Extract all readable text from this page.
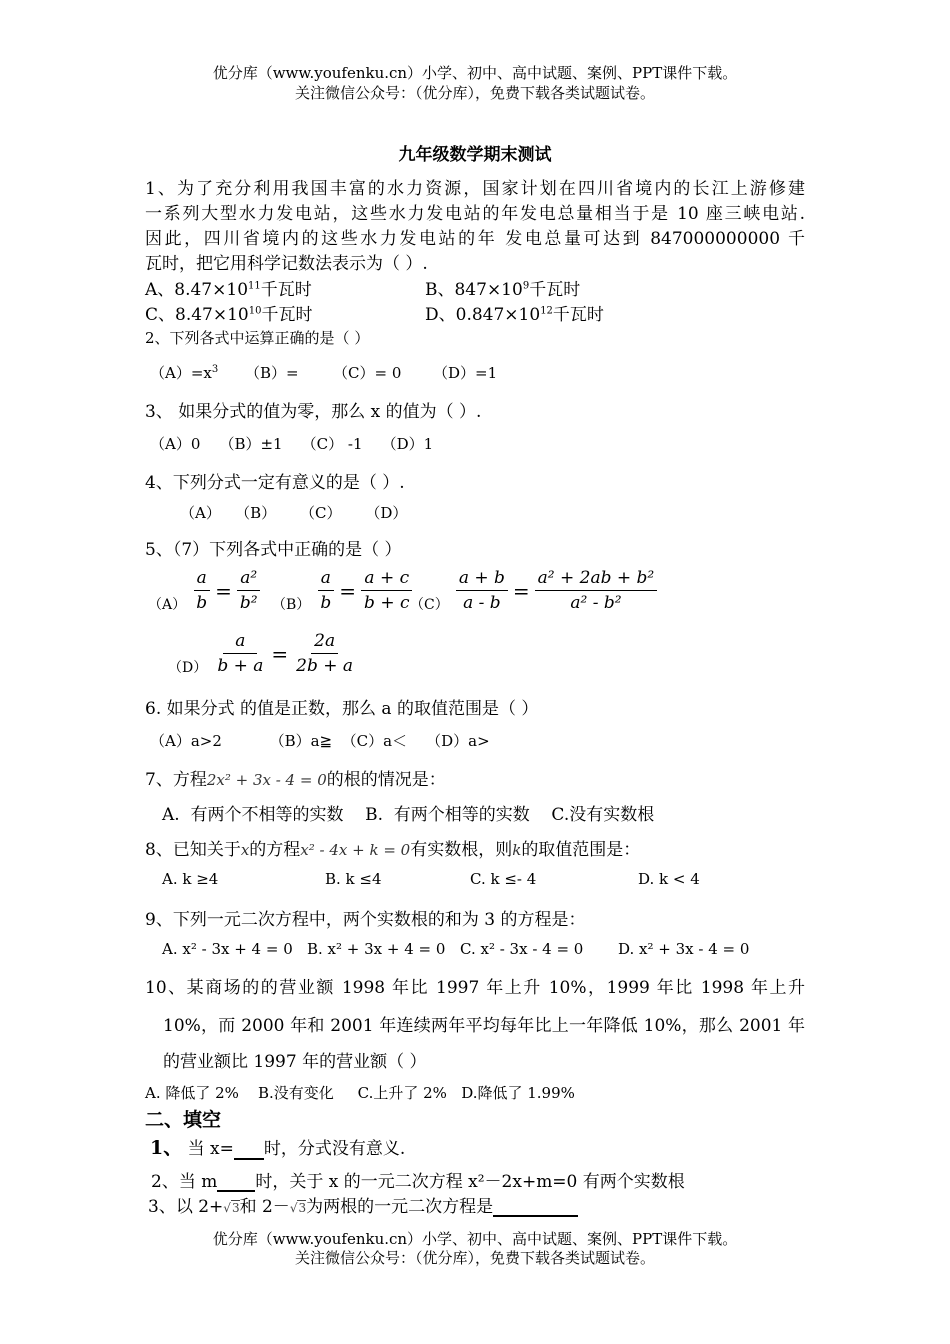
优分库（www.youfenku.cn）小学、初中、高中试题、案例、PPT课件下载。
关注微信公众号：（优分库），免费下载各类试题试卷。
九年级数学期末测试
1、为了充分利用我国丰富的水力资源，国家计划在四川省境内的长江上游修建
一系列大型水力发电站，这些水力发电站的年发电总量相当于是 10 座三峡电站.
因此，四川省境内的这些水力发电站的年 发电总量可达到 847000000000 千
瓦时，把它用科学记数法表示为（ ）.
A、$8.47\times 10^{11}$千瓦时	B、$847\times 10^9$千瓦时
C、$8.47\times 10^{10}$千瓦时	D、$0.847\times 10^{12}$千瓦时
2、下列各式中运算正确的是（ ）
$(A)=x^3$ （B）= （C）= 0 （D）=1
3、 如果分式的值为零，那么 x 的值为（ ）.
（A）0    （B）±1    （C） -1    （D）1
4、下列分式一定有意义的是（ ）.
（A）   （B）     （C）     （D）
5、（7）下列各式中正确的是（ ）
$(A) \frac{a}{b} = \frac{\text{a²}}{\text{b²}} (B) \frac{a}{b} = \frac{a + c}{b + c}$
$(C) \frac{a + b}{a - b} = \frac{\text{a² + 2ab + b²}}{\text{a² - b²}}$
$(D) \frac{a}{b + a} = \frac{2a}{2b + a}$
6. 如果分式 的值是正数，那么 a 的取值范围是（ ）
（A）a>2          （B）a≧  （C）a＜    （D）a>
7、方程2x² + 3x - 4 = 0的根的情况是：
A.  有两个不相等的实数    B.  有两个相等的实数    C.没有实数根
8、已知关于x的方程x² - 4x + k = 0有实数根，则k的取值范围是：
A. k ≥4	B. k ≤4	C. k ≤- 4	D. k < 4
9、下列一元二次方程中，两个实数根的和为 3 的方程是：
A. x² - 3x + 4 = 0 B. x² + 3x + 4 = 0 C. x² - 3x - 4 = 0 D. x² + 3x - 4 = 0
10、某商场的的营业额 1998 年比 1997 年上升 10%，1999 年比 1998 年上升
10%，而 2000 年和 2001 年连续两年平均每年比上一年降低 10%，那么 2001 年
的营业额比 1997 年的营业额（ ）
A. 降低了 2%    B.没有变化     C.上升了 2%   D.降低了 1.99%
二、填空
1、 当 x= 时，分式没有意义.
2、当 m 时，关于 x 的一元二次方程 x²－2x+m=0 有两个实数根
3、以 2+√3和 2－√3为两根的一元二次方程是
优分库（www.youfenku.cn）小学、初中、高中试题、案例、PPT课件下载。
关注微信公众号：（优分库），免费下载各类试题试卷。
